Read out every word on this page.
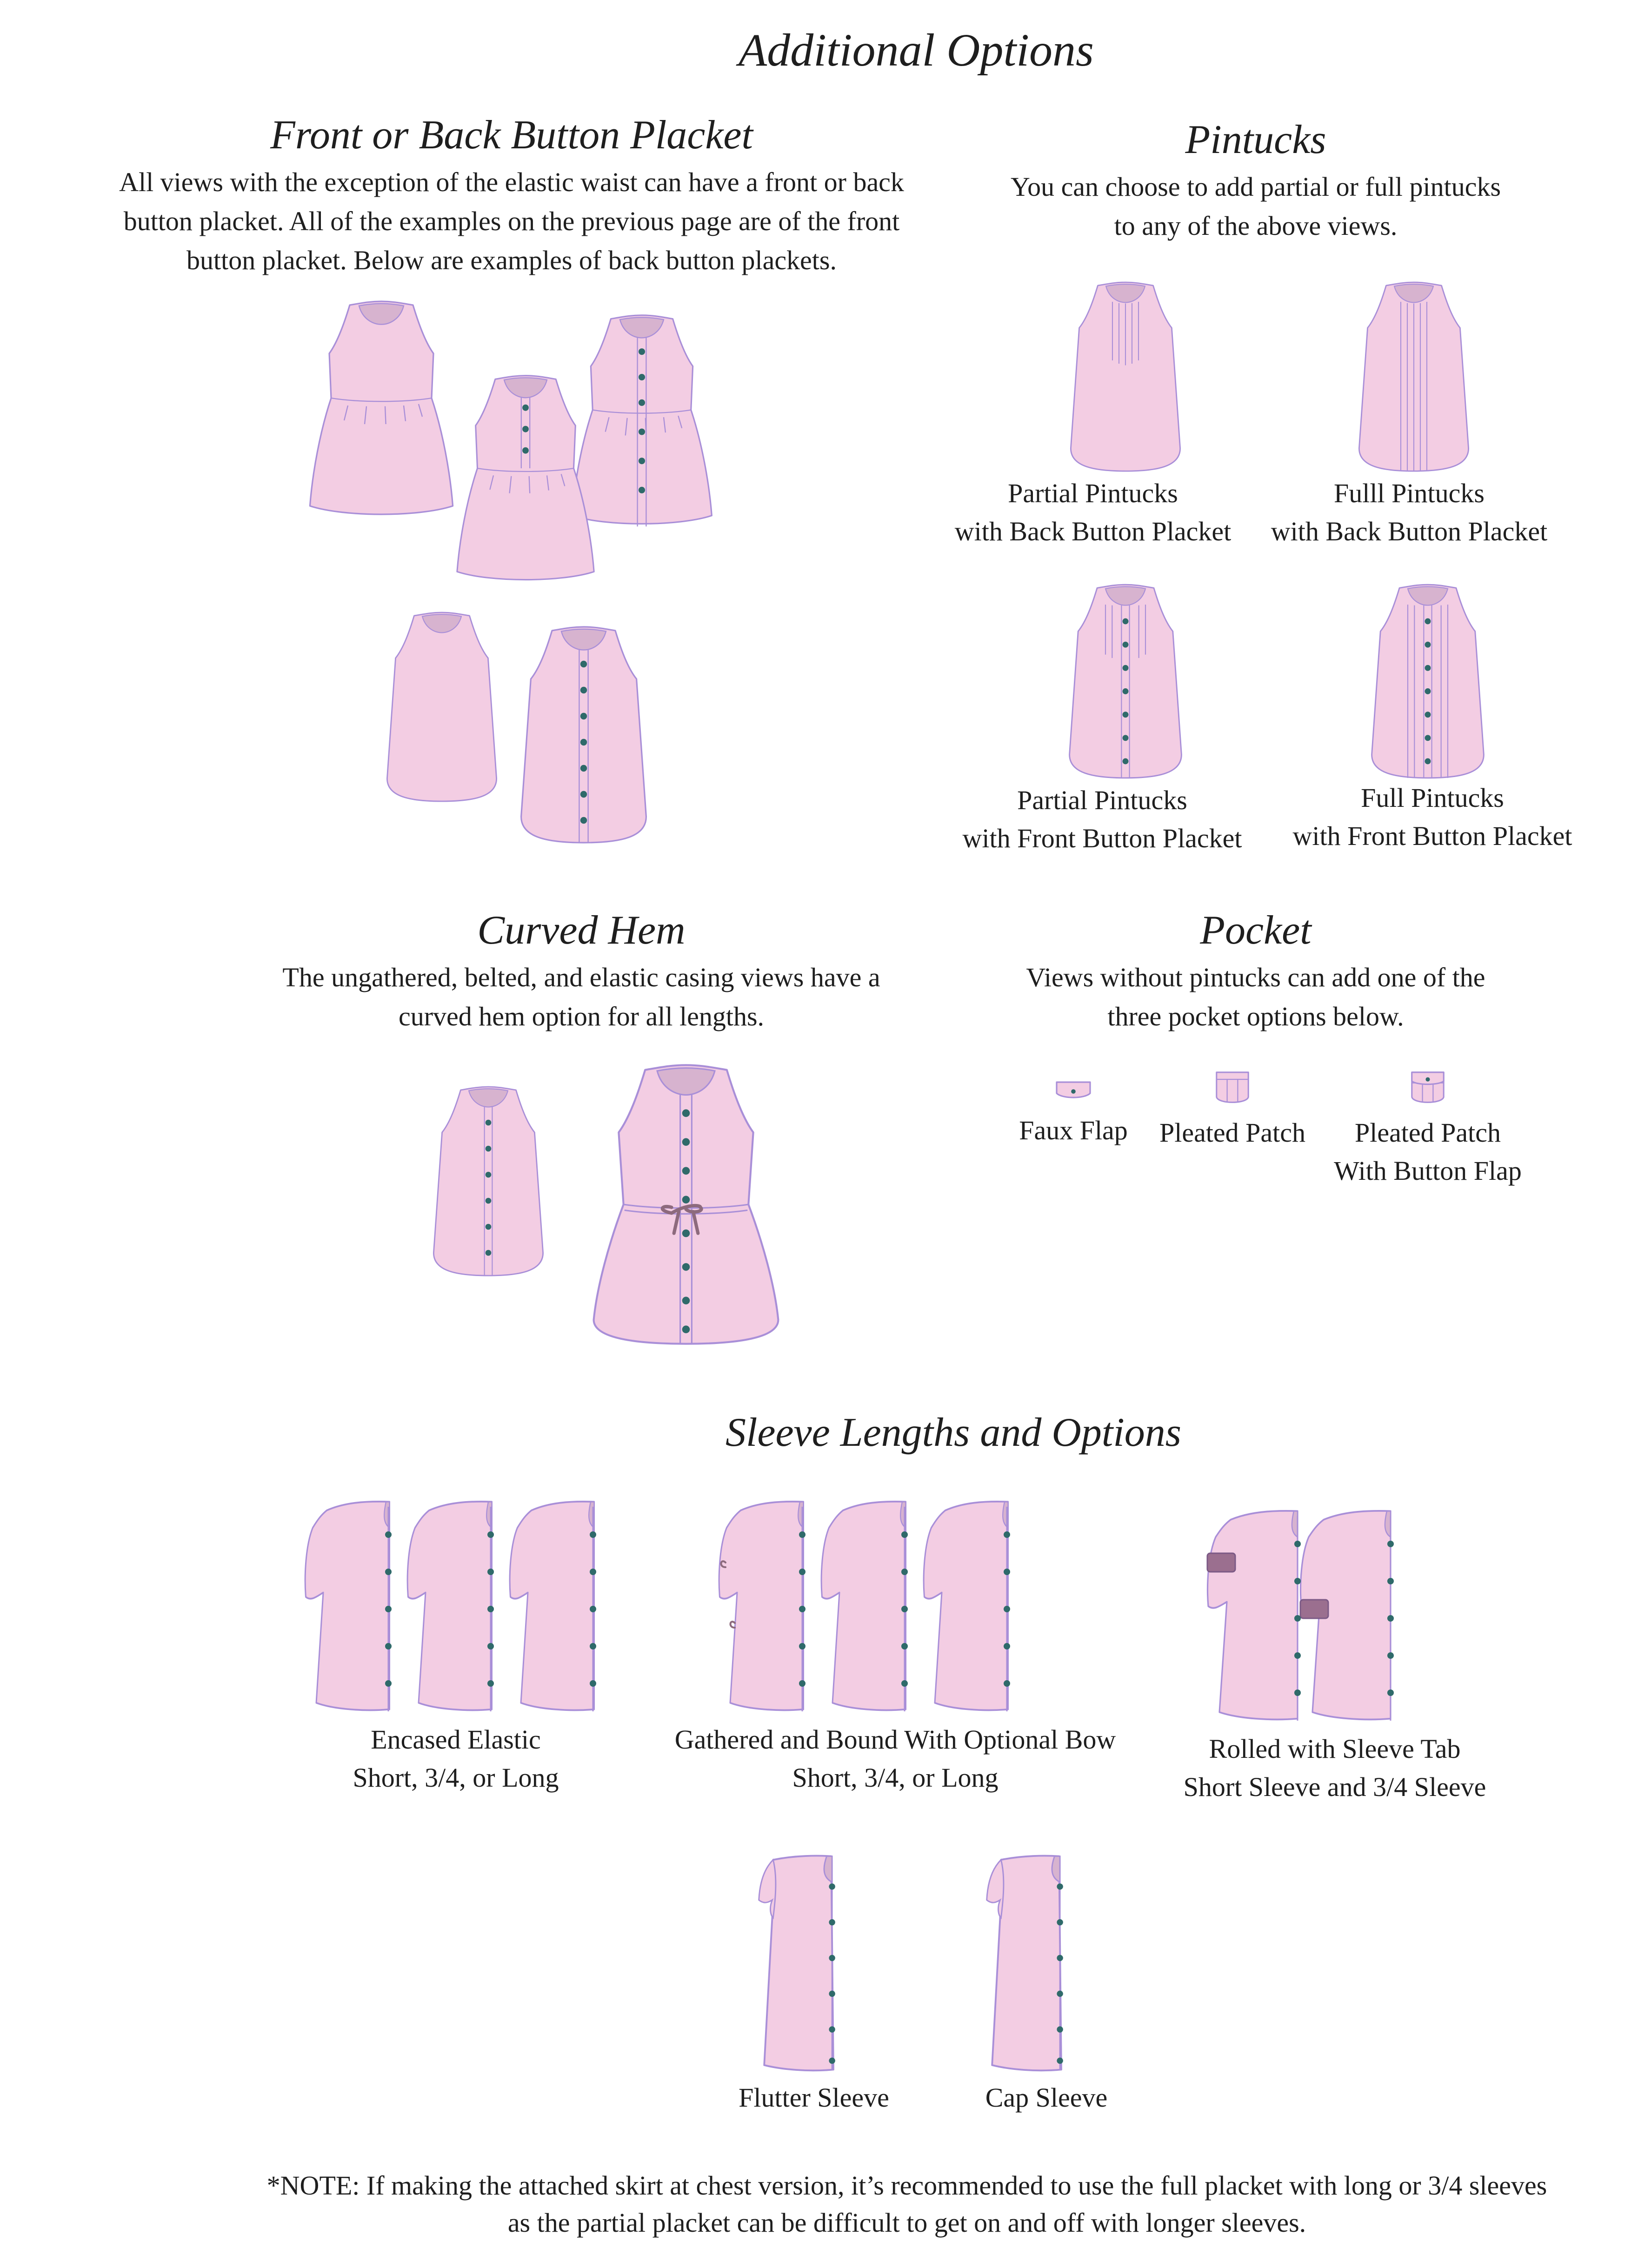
Additional Options
Front or Back Button Placket
All views with the exception of the elastic waist can have a front or back
button placket. All of the examples on the previous page are of the front
button placket. Below are examples of back button plackets.
Pintucks
You can choose to add partial or full pintucks
to any of the above views.
Partial Pintucks
with Back Button Placket
Fulll Pintucks
with Back Button Placket
Partial Pintucks
with Front Button Placket
Full Pintucks
with Front Button Placket
Curved Hem
The ungathered, belted, and elastic casing views have a
curved hem option for all lengths.
Pocket
Views without pintucks can add one of the
three pocket options below.
Faux Flap	Pleated Patch	Pleated Patch
With Button Flap
Sleeve Lengths and Options
Encased Elastic
Short, 3/4, or Long
Gathered and Bound With Optional Bow
Short, 3/4, or Long
Rolled with Sleeve Tab
Short Sleeve and 3/4 Sleeve
Flutter Sleeve	Cap Sleeve
*NOTE: If making the attached skirt at chest version, it’s recommended to use the full placket with long or 3/4 sleeves
as the partial placket can be difficult to get on and off with longer sleeves.
